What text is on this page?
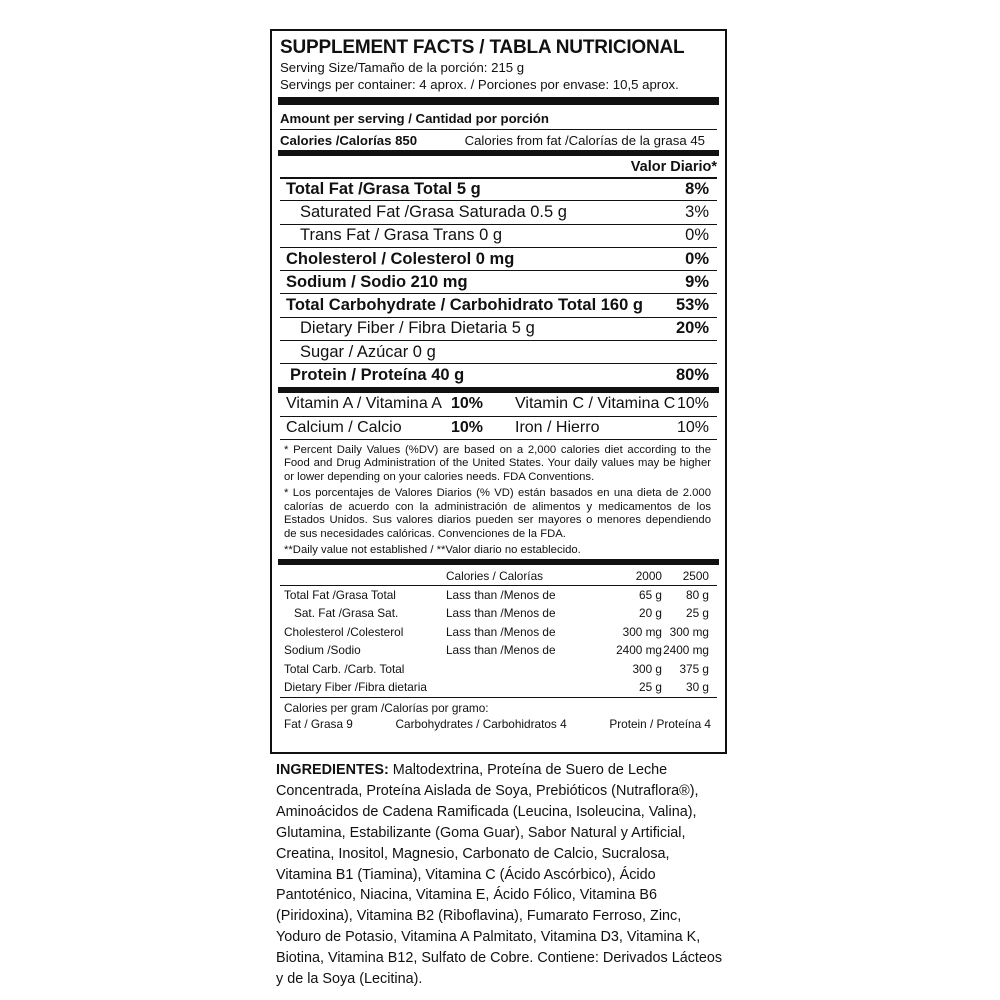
SUPPLEMENT FACTS / TABLA NUTRICIONAL
Serving Size/Tamaño de la porción: 215 g
Servings per container: 4 aprox. / Porciones por envase: 10,5 aprox.
Amount per serving / Cantidad por porción
Calories /Calorías 850	Calories from fat /Calorías de la grasa 45
Valor Diario*
Total Fat /Grasa Total 5 g	8%
Saturated Fat /Grasa Saturada 0.5 g	3%
Trans Fat / Grasa Trans 0 g	0%
Cholesterol / Colesterol 0 mg	0%
Sodium / Sodio 210 mg	9%
Total Carbohydrate / Carbohidrato Total 160 g 53%
Dietary Fiber / Fibra Dietaria 5 g	20%
Sugar / Azúcar 0 g
Protein / Proteína 40 g	80%
Vitamin A / Vitamina A 10%	Vitamin C / Vitamina C 10%
Calcium / Calcio	10%	Iron / Hierro	10%

* Percent Daily Values (%DV) are based on a 2,000 calories diet according to the Food and Drug Administration of the United States. Your daily values may be higher or lower depending on your calories needs. FDA Conventions.

* Los porcentajes de Valores Diarios (% VD) están basados en una dieta de 2.000 calorías de acuerdo con la administración de alimentos y medicamentos de los Estados Unidos. Sus valores diarios pueden ser mayores o menores dependiendo de sus necesidades calóricas. Convenciones de la FDA.

**Daily value not established / **Valor diario no establecido.
	Calories / Calorías	2000	2500
Total Fat /Grasa Total	Lass than /Menos de	65 g	80 g
Sat. Fat /Grasa Sat.	Lass than /Menos de	20 g	25 g
Cholesterol /Colesterol	Lass than /Menos de	300 mg	300 mg
Sodium /Sodio	Lass than /Menos de	2400 mg	2400 mg
Total Carb. /Carb. Total		300 g	375 g
Dietary Fiber /Fibra dietaria		25 g	30 g
Calories per gram /Calorías por gramo:
Fat / Grasa 9	Carbohydrates / Carbohidratos 4	Protein / Proteína 4
INGREDIENTES: Maltodextrina, Proteína de Suero de Leche Concentrada, Proteína Aislada de Soya, Prebióticos (Nutraflora®), Aminoácidos de Cadena Ramificada (Leucina, Isoleucina, Valina), Glutamina, Estabilizante (Goma Guar), Sabor Natural y Artificial, Creatina, Inositol, Magnesio, Carbonato de Calcio, Sucralosa, Vitamina B1 (Tiamina), Vitamina C (Ácido Ascórbico), Ácido Pantoténico, Niacina, Vitamina E, Ácido Fólico, Vitamina B6 (Piridoxina), Vitamina B2 (Riboflavina), Fumarato Ferroso, Zinc, Yoduro de Potasio, Vitamina A Palmitato, Vitamina D3, Vitamina K, Biotina, Vitamina B12, Sulfato de Cobre. Contiene: Derivados Lácteos y de la Soya (Lecitina).
